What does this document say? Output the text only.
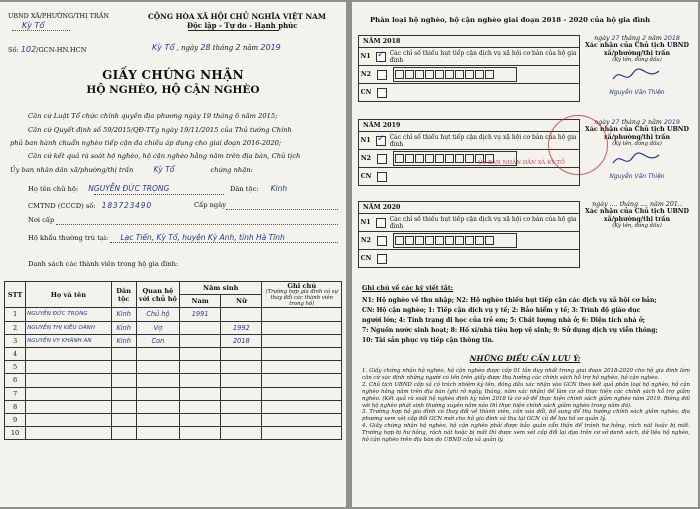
UBND XÃ/PHƯỜNG/THỊ TRẤN
Kỳ Tổ
CỘNG HÒA XÃ HỘI CHỦ NGHĨA VIỆT NAM
Độc lập - Tự do - Hạnh phúc
Số: 102/GCN-HN.HCN	Kỳ Tổ , ngày 28 tháng 2 năm 2019
GIẤY CHỨNG NHẬN
HỘ NGHÈO, HỘ CẬN NGHÈO
Căn cứ Luật Tổ chức chính quyền địa phương ngày 19 tháng 6 năm 2015;
Căn cứ Quyết định số 59/2015/QĐ-TTg ngày 19/11/2015 của Thủ tướng Chính
phủ ban hành chuẩn nghèo tiếp cận đa chiều áp dụng cho giai đoạn 2016-2020;
Căn cứ kết quả rà soát hộ nghèo, hộ cận nghèo hằng năm trên địa bàn, Chủ tịch
Ủy ban nhân dân xã/phường/thị trấn	Kỳ Tổ	chứng nhận:
Họ tên chủ hộ: NGUYỄN ĐỨC TRỌNG	Dân tộc: Kinh
CMTND (CCCD) số: 183723490	Cấp ngày
Nơi cấp
Hộ khẩu thường trú tại: Lạc Tiến, Kỳ Tổ, huyện Kỳ Anh, tỉnh Hà Tĩnh
Danh sách các thành viên trong hộ gia đình:
STT	Họ và tên	Dân tộc	Quan hệ với chủ hộ	Năm sinh		Ghi chú
(Trường hợp gia đình có sự thay đổi các thành viên trong hộ)

				Nam	Nữ	
1	NGUYỄN ĐỨC TRỌNG	Kinh	Chủ hộ	1991		
2	NGUYỄN THỊ KIỀU OANH	Kinh	Vợ		1992	
3	NGUYỄN VY KHÁNH AN	Kinh	Con		2018	
4						
5						
6						
7						
8						
9						
10						
Phân loại hộ nghèo, hộ cận nghèo giai đoạn 2018 - 2020 của hộ gia đình
NĂM 2018
N1 ✓ Các chỉ số thiếu hụt tiếp cận dịch vụ xã hội cơ bản của hộ gia đình
N2
CN
ngày 27 tháng 2 năm 2018
Xác nhận của Chủ tịch UBND xã/phường/thị trấn
(Ký tên, đóng dấu)
Nguyễn Văn Thiện
NĂM 2019
N1 ✓ Các chỉ số thiếu hụt tiếp cận dịch vụ xã hội cơ bản của hộ gia đình
N2
CN
ngày 27 tháng 2 năm 2019
Xác nhận của Chủ tịch UBND xã/phường/thị trấn
(Ký tên, đóng dấu)
Nguyễn Văn Thiện
ỦY BAN NHÂN DÂN XÃ KỲ TỔ
NĂM 2020
N1	Các chỉ số thiếu hụt tiếp cận dịch vụ xã hội cơ bản của hộ gia đình
N2
CN
ngày .... tháng .... năm 201..
Xác nhận của Chủ tịch UBND xã/phường/thị trấn
(Ký tên, đóng dấu)
Ghi chú về các ký viết tắt:
N1: Hộ nghèo về thu nhập; N2: Hộ nghèo thiếu hụt tiếp cận các dịch vụ xã hội cơ bản;
CN: Hộ cận nghèo; 1: Tiếp cận dịch vụ y tế; 2: Bảo hiểm y tế; 3: Trình độ giáo dục
người lớn; 4: Tình trạng đi học của trẻ em; 5: Chất lượng nhà ở; 6: Diện tích nhà ở;
7: Nguồn nước sinh hoạt; 8: Hố xí/nhà tiêu hợp vệ sinh; 9: Sử dụng dịch vụ viễn thông;
10: Tài sản phục vụ tiếp cận thông tin.
NHỮNG ĐIỀU CẦN LƯU Ý:
1. Giấy chứng nhận hộ nghèo, hộ cận nghèo được cấp 01 lần duy nhất trong giai đoạn 2018-2020 cho hộ gia đình làm căn cứ xác định những người có tên trên giấy được thụ hưởng các chính sách hỗ trợ hộ nghèo, hộ cận nghèo.
2. Chủ tịch UBND cấp xã có trách nhiệm ký tên, đóng dấu xác nhận vào GCN theo kết quả phân loại hộ nghèo, hộ cận nghèo hằng năm trên địa bàn (ghi rõ ngày, tháng, năm xác nhận) để làm cơ sở thực hiện các chính sách hỗ trợ giảm nghèo. (Kết quả rà soát hộ nghèo định kỳ năm 2018 là cơ sở để thực hiện chính sách giảm nghèo năm 2019. Riêng đối với hộ nghèo phát sinh thường xuyên nằm nào thì thực hiện chính sách giảm nghèo trong năm đó).
3. Trường hợp hộ gia đình có thay đổi về thành viên, cần xóa đổi, bổ sung để thụ hưởng chính sách giảm nghèo, địa phương xem xét cấp đổi GCN mới cho hộ gia đình và thu lại GCN cũ để lưu hồ sơ quản lý.
4. Giấy chứng nhận hộ nghèo, hộ cận nghèo phải được bảo quản cẩn thận để tránh hư hỏng, rách nát hoặc bị mất. Trường hợp bị hư hỏng, rách nát hoặc bị mất thì được xem xét cấp đổi lại dựa trên cơ sở danh sách, dữ liệu hộ nghèo, hộ cận nghèo trên địa bàn do UBND cấp xã quản lý.
